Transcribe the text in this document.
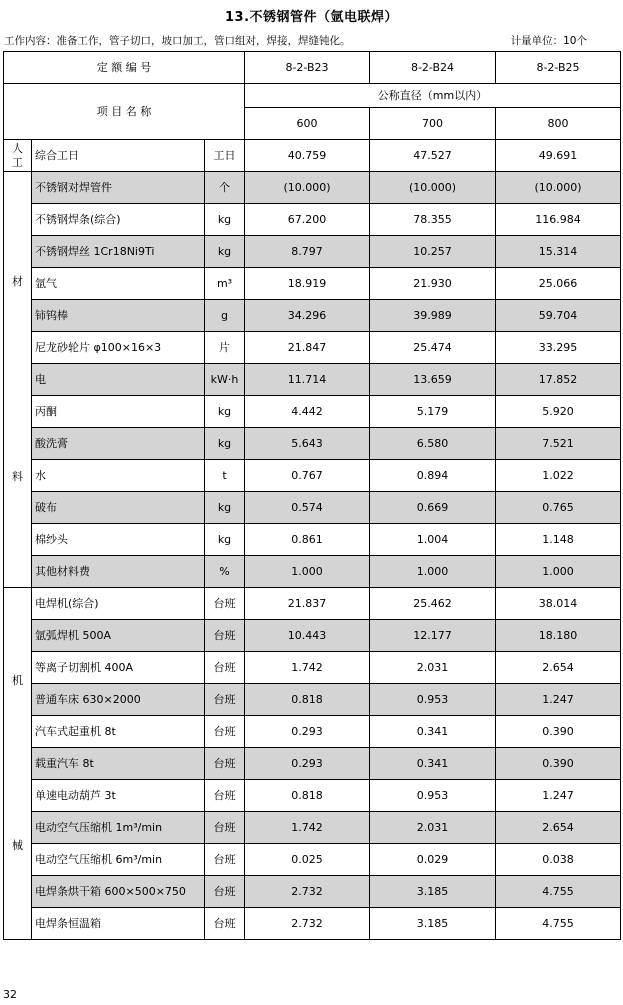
13.不锈钢管件（氩电联焊）
工作内容：准备工作，管子切口，坡口加工，管口组对，焊接，焊缝钝化。	计量单位：10个
定 额 编 号			8-2-B23	8-2-B24	8-2-B25
项 目 名 称			公称直径（mm以内）		
			600	700	800
人工	综合工日	工日	40.759	47.527	49.691

材
料	不锈钢对焊管件	个	(10.000)	(10.000)	(10.000)
	不锈钢焊条(综合)	kg	67.200	78.355	116.984
	不锈钢焊丝 1Cr18Ni9Ti	kg	8.797	10.257	15.314
	氩气	m³	18.919	21.930	25.066
	铈钨棒	g	34.296	39.989	59.704
	尼龙砂轮片 φ100×16×3	片	21.847	25.474	33.295
	电	kW·h	11.714	13.659	17.852
	丙酮	kg	4.442	5.179	5.920
	酸洗膏	kg	5.643	6.580	7.521
	水	t	0.767	0.894	1.022
	破布	kg	0.574	0.669	0.765
	棉纱头	kg	0.861	1.004	1.148
	其他材料费	%	1.000	1.000	1.000

机
械	电焊机(综合)	台班	21.837	25.462	38.014
	氩弧焊机 500A	台班	10.443	12.177	18.180
	等离子切割机 400A	台班	1.742	2.031	2.654
	普通车床 630×2000	台班	0.818	0.953	1.247
	汽车式起重机 8t	台班	0.293	0.341	0.390
	载重汽车 8t	台班	0.293	0.341	0.390
	单速电动葫芦 3t	台班	0.818	0.953	1.247
	电动空气压缩机 1m³/min	台班	1.742	2.031	2.654
	电动空气压缩机 6m³/min	台班	0.025	0.029	0.038
	电焊条烘干箱 600×500×750	台班	2.732	3.185	4.755
	电焊条恒温箱	台班	2.732	3.185	4.755
32
